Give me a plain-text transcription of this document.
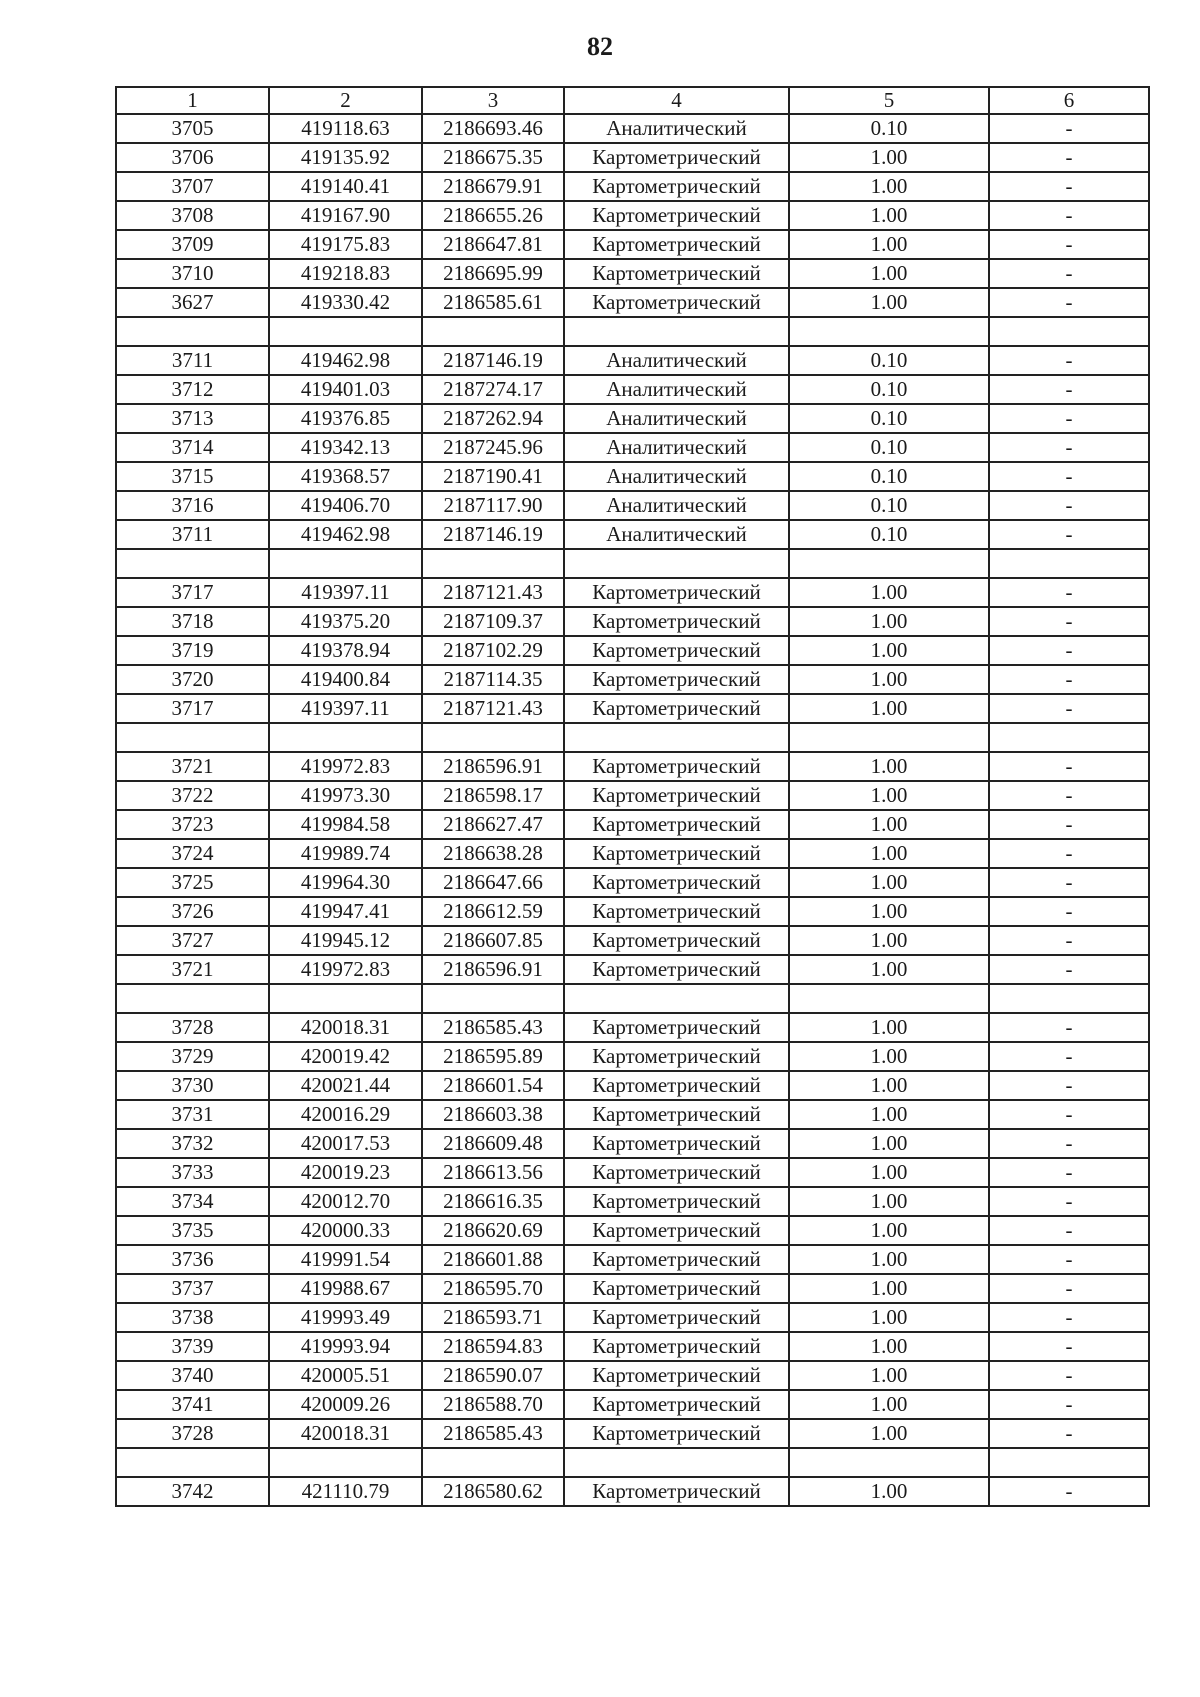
82
1	2	3	4	5	6
3705	419118.63	2186693.46	Аналитический	0.10	-
3706	419135.92	2186675.35	Картометрический	1.00	-
3707	419140.41	2186679.91	Картометрический	1.00	-
3708	419167.90	2186655.26	Картометрический	1.00	-
3709	419175.83	2186647.81	Картометрический	1.00	-
3710	419218.83	2186695.99	Картометрический	1.00	-
3627	419330.42	2186585.61	Картометрический	1.00	-

3711	419462.98	2187146.19	Аналитический	0.10	-
3712	419401.03	2187274.17	Аналитический	0.10	-
3713	419376.85	2187262.94	Аналитический	0.10	-
3714	419342.13	2187245.96	Аналитический	0.10	-
3715	419368.57	2187190.41	Аналитический	0.10	-
3716	419406.70	2187117.90	Аналитический	0.10	-
3711	419462.98	2187146.19	Аналитический	0.10	-

3717	419397.11	2187121.43	Картометрический	1.00	-
3718	419375.20	2187109.37	Картометрический	1.00	-
3719	419378.94	2187102.29	Картометрический	1.00	-
3720	419400.84	2187114.35	Картометрический	1.00	-
3717	419397.11	2187121.43	Картометрический	1.00	-

3721	419972.83	2186596.91	Картометрический	1.00	-
3722	419973.30	2186598.17	Картометрический	1.00	-
3723	419984.58	2186627.47	Картометрический	1.00	-
3724	419989.74	2186638.28	Картометрический	1.00	-
3725	419964.30	2186647.66	Картометрический	1.00	-
3726	419947.41	2186612.59	Картометрический	1.00	-
3727	419945.12	2186607.85	Картометрический	1.00	-
3721	419972.83	2186596.91	Картометрический	1.00	-

3728	420018.31	2186585.43	Картометрический	1.00	-
3729	420019.42	2186595.89	Картометрический	1.00	-
3730	420021.44	2186601.54	Картометрический	1.00	-
3731	420016.29	2186603.38	Картометрический	1.00	-
3732	420017.53	2186609.48	Картометрический	1.00	-
3733	420019.23	2186613.56	Картометрический	1.00	-
3734	420012.70	2186616.35	Картометрический	1.00	-
3735	420000.33	2186620.69	Картометрический	1.00	-
3736	419991.54	2186601.88	Картометрический	1.00	-
3737	419988.67	2186595.70	Картометрический	1.00	-
3738	419993.49	2186593.71	Картометрический	1.00	-
3739	419993.94	2186594.83	Картометрический	1.00	-
3740	420005.51	2186590.07	Картометрический	1.00	-
3741	420009.26	2186588.70	Картометрический	1.00	-
3728	420018.31	2186585.43	Картометрический	1.00	-

3742	421110.79	2186580.62	Картометрический	1.00	-
